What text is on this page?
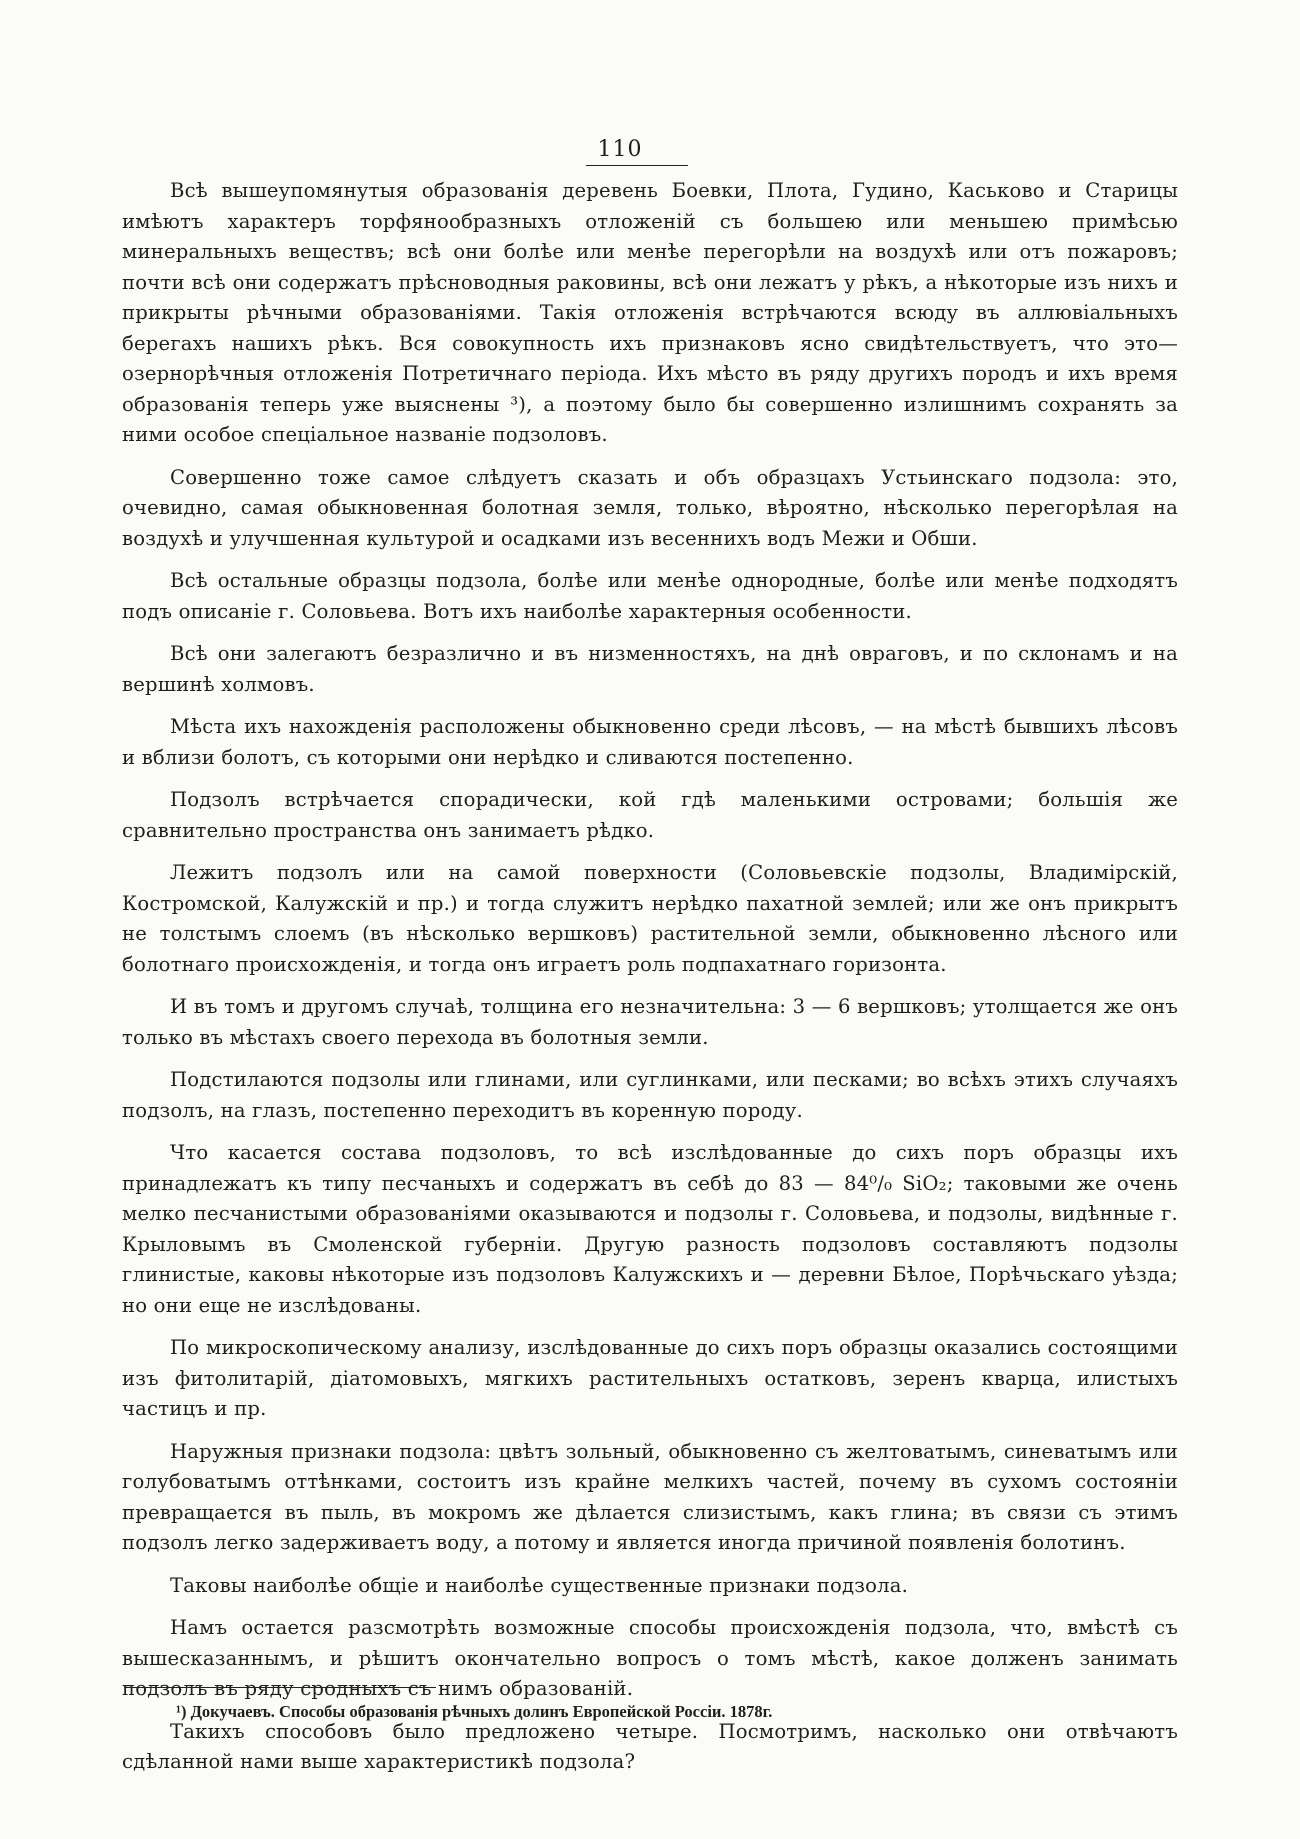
110

Всѣ вышеупомянутыя образованія деревень Боевки, Плота, Гудино, Каськово и Старицы имѣютъ характеръ торфянообразныхъ отложеній съ большею или меньшею примѣсью минеральныхъ веществъ; всѣ они болѣе или менѣе перегорѣли на воздухѣ или отъ пожаровъ; почти всѣ они содержатъ прѣсноводныя раковины, всѣ они лежатъ у рѣкъ, а нѣкоторые изъ нихъ и прикрыты рѣчными образованіями. Такія отложенія встрѣчаются всюду въ аллювіальныхъ берегахъ нашихъ рѣкъ. Вся совокупность ихъ признаковъ ясно свидѣтельствуетъ, что это—озернорѣчныя отложенія Потретичнаго періода. Ихъ мѣсто въ ряду другихъ породъ и ихъ время образованія теперь уже выяснены ³), а поэтому было бы совершенно излишнимъ сохранять за ними особое спеціальное названіе подзоловъ.

Совершенно тоже самое слѣдуетъ сказать и объ образцахъ Устьинскаго подзола: это, очевидно, самая обыкновенная болотная земля, только, вѣроятно, нѣсколько перегорѣлая на воздухѣ и улучшенная культурой и осадками изъ весеннихъ водъ Межи и Обши.

Всѣ остальные образцы подзола, болѣе или менѣе однородные, болѣе или менѣе подходятъ подъ описаніе г. Соловьева. Вотъ ихъ наиболѣе характерныя особенности.

Всѣ они залегаютъ безразлично и въ низменностяхъ, на днѣ овраговъ, и по склонамъ и на вершинѣ холмовъ.

Мѣста ихъ нахожденія расположены обыкновенно среди лѣсовъ, — на мѣстѣ бывшихъ лѣсовъ и вблизи болотъ, съ которыми они нерѣдко и сливаются постепенно.

Подзолъ встрѣчается спорадически, кой гдѣ маленькими островами; большія же сравнительно пространства онъ занимаетъ рѣдко.

Лежитъ подзолъ или на самой поверхности (Соловьевскіе подзолы, Владимірскій, Костромской, Калужскій и пр.) и тогда служитъ нерѣдко пахатной землей; или же онъ прикрытъ не толстымъ слоемъ (въ нѣсколько вершковъ) растительной земли, обыкновенно лѣсного или болотнаго происхожденія, и тогда онъ играетъ роль подпахатнаго горизонта.

И въ томъ и другомъ случаѣ, толщина его незначительна: 3 — 6 вершковъ; утолщается же онъ только въ мѣстахъ своего перехода въ болотныя земли.

Подстилаются подзолы или глинами, или суглинками, или песками; во всѣхъ этихъ случаяхъ подзолъ, на глазъ, постепенно переходитъ въ коренную породу.

Что касается состава подзоловъ, то всѣ изслѣдованные до сихъ поръ образцы ихъ принадлежатъ къ типу песчаныхъ и содержатъ въ себѣ до 83 — 84⁰/₀ SiO₂; таковыми же очень мелко песчанистыми образованіями оказываются и подзолы г. Соловьева, и подзолы, видѣнные г. Крыловымъ въ Смоленской губерніи. Другую разность подзоловъ составляютъ подзолы глинистые, каковы нѣкоторые изъ подзоловъ Калужскихъ и — деревни Бѣлое, Порѣчьскаго уѣзда; но они еще не изслѣдованы.

По микроскопическому анализу, изслѣдованные до сихъ поръ образцы оказались состоящими изъ фитолитарій, діатомовыхъ, мягкихъ растительныхъ остатковъ, зеренъ кварца, илистыхъ частицъ и пр.

Наружныя признаки подзола: цвѣтъ зольный, обыкновенно съ желтоватымъ, синеватымъ или голубоватымъ оттѣнками, состоитъ изъ крайне мелкихъ частей, почему въ сухомъ состояніи превращается въ пыль, въ мокромъ же дѣлается слизистымъ, какъ глина; въ связи съ этимъ подзолъ легко задерживаетъ воду, а потому и является иногда причиной появленія болотинъ.

Таковы наиболѣе общіе и наиболѣе существенные признаки подзола.

Намъ остается разсмотрѣть возможные способы происхожденія подзола, что, вмѣстѣ съ вышесказаннымъ, и рѣшитъ окончательно вопросъ о томъ мѣстѣ, какое долженъ занимать подзолъ въ ряду сродныхъ съ нимъ образованій.

Такихъ способовъ было предложено четыре. Посмотримъ, насколько они отвѣчаютъ сдѣланной нами выше характеристикѣ подзола?

¹) Докучаевъ. Способы образованія рѣчныхъ долинъ Европейской Россіи. 1878г.
